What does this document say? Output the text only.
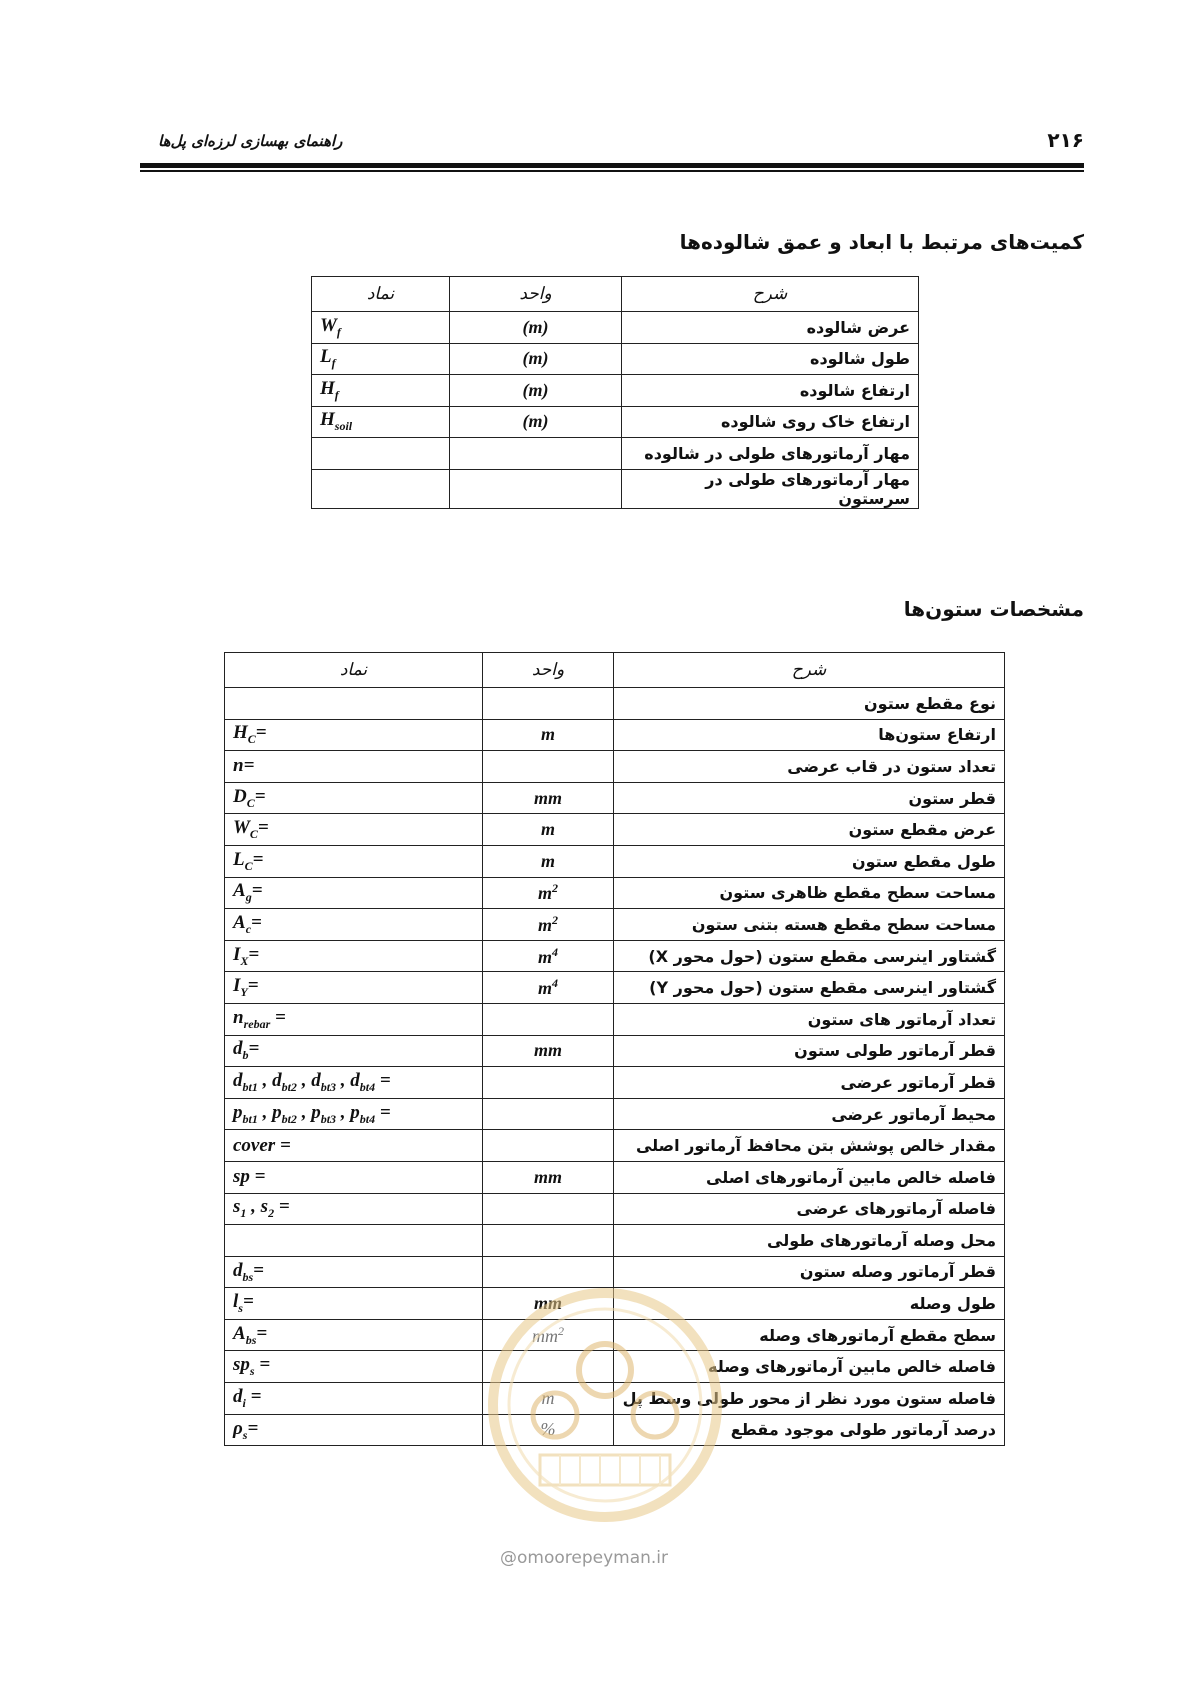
۲۱۶
راهنمای بهسازی لرزه‌ای پل‌ها
کمیت‌های مرتبط با ابعاد و عمق شالوده‌ها
نماد	واحد	شرح
$W_f$	(m)	عرض شالوده
$L_f$	(m)	طول شالوده
$H_f$	(m)	ارتفاع شالوده
$H_{soil}$	(m)	ارتفاع خاک روی شالوده
		مهار آرماتورهای طولی در شالوده
		مهار آرماتورهای طولی در سرستون
مشخصات ستون‌ها
نماد	واحد	شرح
		نوع مقطع ستون
$H_C=$	m	ارتفاع ستون‌ها
n=		تعداد ستون در قاب عرضی
$D_C=$	mm	قطر ستون
$W_C=$	m	عرض مقطع ستون
$L_C=$	m	طول مقطع ستون
$A_g=$	$m^2$	مساحت سطح مقطع ظاهری ستون
$A_c=$	$m^2$	مساحت سطح مقطع هسته بتنی ستون
$I_X=$	$m^4$	گشتاور اینرسی مقطع ستون (حول محور X)
$I_Y=$	$m^4$	گشتاور اینرسی مقطع ستون (حول محور Y)
$n_{rebar}$ =		تعداد آرماتور های ستون
$d_b=$	mm	قطر آرماتور طولی ستون
$d_{bt1}$ , $d_{bt2}$ , $d_{bt3}$ , $d_{bt4}$ =		قطر آرماتور عرضی
$p_{bt1}$ , $p_{bt2}$ , $p_{bt3}$ , $p_{bt4}$ =		محیط آرماتور عرضی
cover =		مقدار خالص پوشش بتن محافظ آرماتور اصلی
sp =	mm	فاصله خالص مابین آرماتورهای اصلی
$s_1$ , $s_2$ =		فاصله آرماتورهای عرضی
		محل وصله آرماتورهای طولی
$d_{bs}=$		قطر آرماتور وصله ستون
$l_s=$	mm	طول وصله
$A_{bs}=$	$mm^2$	سطح مقطع آرماتورهای وصله
$sp_s$ =		فاصله خالص مابین آرماتورهای وصله
$d_i$ =	m	فاصله ستون مورد نظر از محور طولی وسط پل
$\rho_s=$	%	درصد آرماتور طولی موجود مقطع
@omoorepeyman.ir
